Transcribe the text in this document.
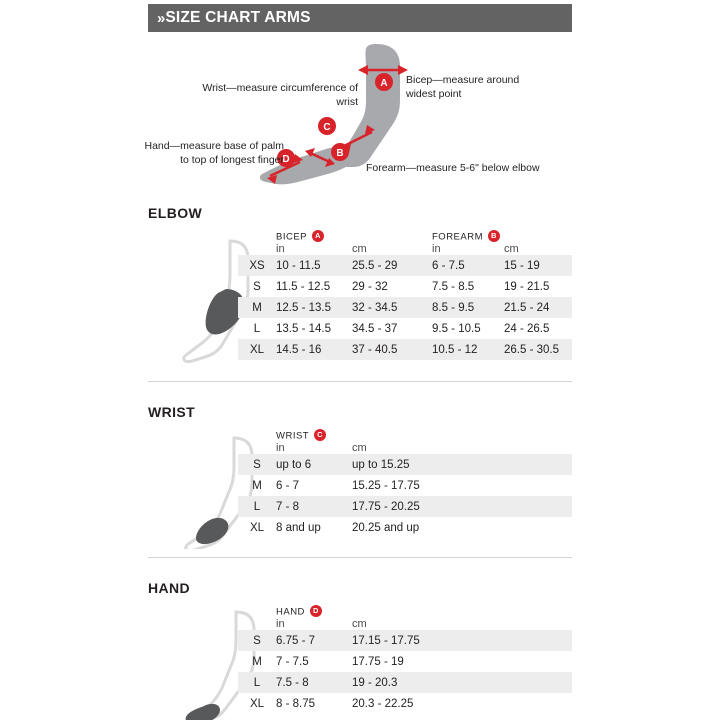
» SIZE CHART ARMS
A
B
C
D
Bicep—measure around widest point
Wrist—measure circumference of wrist
Hand—measure base of palm to top of longest finger
Forearm—measure 5-6" below elbow
ELBOW
	BICEP A		FOREARM B	
	in	cm	in	cm
XS	10 - 11.5	25.5 - 29	6 - 7.5	15 - 19
S	11.5 - 12.5	29 - 32	7.5 - 8.5	19 - 21.5
M	12.5 - 13.5	32 - 34.5	8.5 - 9.5	21.5 - 24
L	13.5 - 14.5	34.5 - 37	9.5 - 10.5	24 - 26.5
XL	14.5 - 16	37 - 40.5	10.5 - 12	26.5 - 30.5
WRIST
	WRIST C	
	in	cm
S	up to 6	up to 15.25
M	6 - 7	15.25 - 17.75
L	7 - 8	17.75 - 20.25
XL	8 and up	20.25 and up
HAND
	HAND D	
	in	cm
S	6.75 - 7	17.15 - 17.75
M	7 - 7.5	17.75 - 19
L	7.5 - 8	19 - 20.3
XL	8 - 8.75	20.3 - 22.25
